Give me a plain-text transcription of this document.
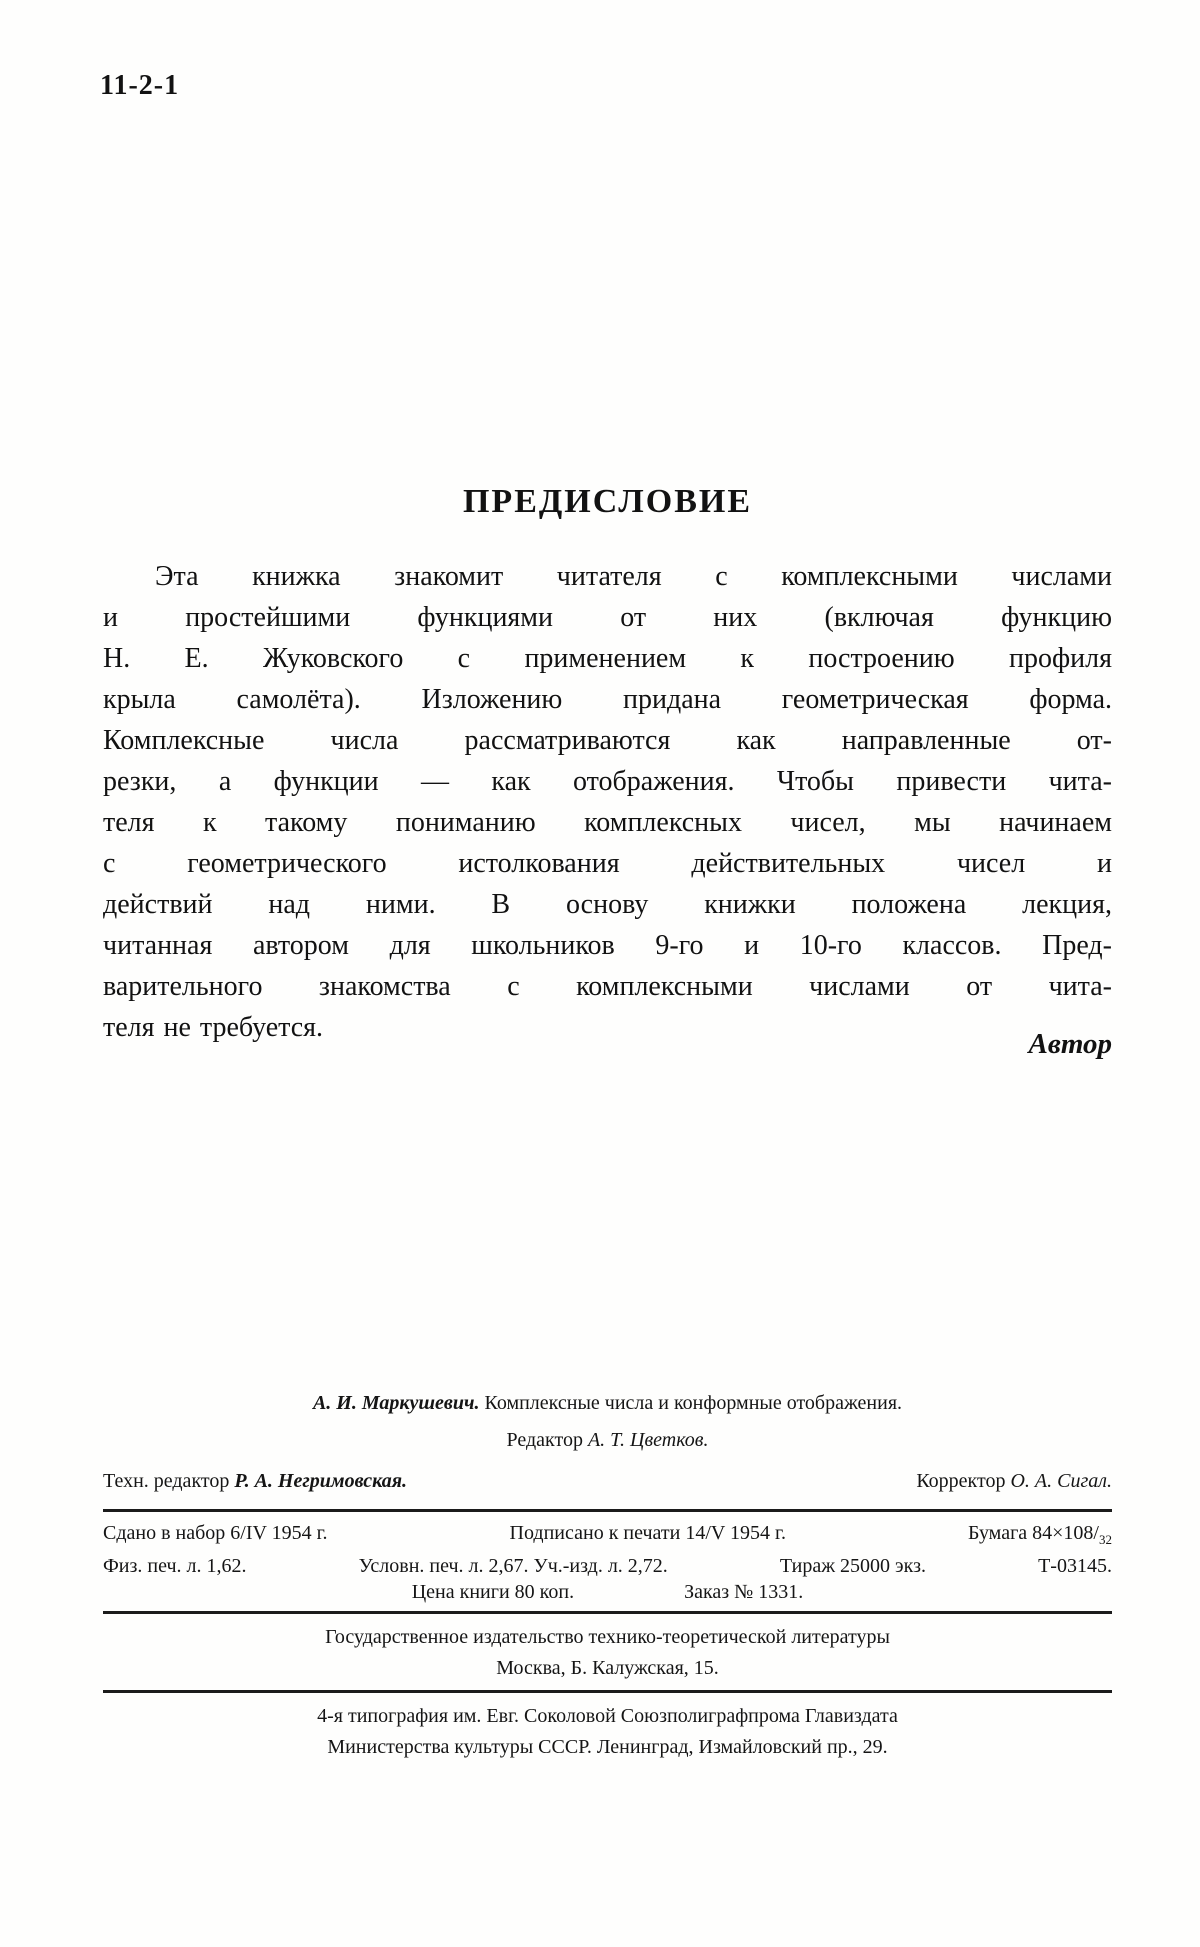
11-2-1
ПРЕДИСЛОВИЕ
Эта книжка знакомит читателя с комплексными числами
и простейшими функциями от них (включая функцию
Н. Е. Жуковского с применением к построению профиля
крыла самолёта). Изложению придана геометрическая форма.
Комплексные числа рассматриваются как направленные от-
резки, а функции — как отображения. Чтобы привести чита-
теля к такому пониманию комплексных чисел, мы начинаем
с геометрического истолкования действительных чисел и
действий над ними. В основу книжки положена лекция,
читанная автором для школьников 9-го и 10-го классов. Пред-
варительного знакомства с комплексными числами от чита-
теля не требуется.
Автор
А. И. Маркушевич. Комплексные числа и конформные отображения.
Редактор А. Т. Цветков.
Техн. редактор Р. А. Негримовская.	Корректор О. А. Сигал.
Сдано в набор 6/IV 1954 г.	Подписано к печати 14/V 1954 г.	Бумага $84\times 108/_{32}$
Физ. печ. л. 1,62.	Условн. печ. л. 2,67. Уч.-изд. л. 2,72.	Тираж 25000 экз.	Т-03145.
Цена книги 80 коп.	Заказ № 1331.
Государственное издательство технико-теоретической литературы
Москва, Б. Калужская, 15.
4-я типография им. Евг. Соколовой Союзполиграфпрома Главиздата
Министерства культуры СССР. Ленинград, Измайловский пр., 29.
